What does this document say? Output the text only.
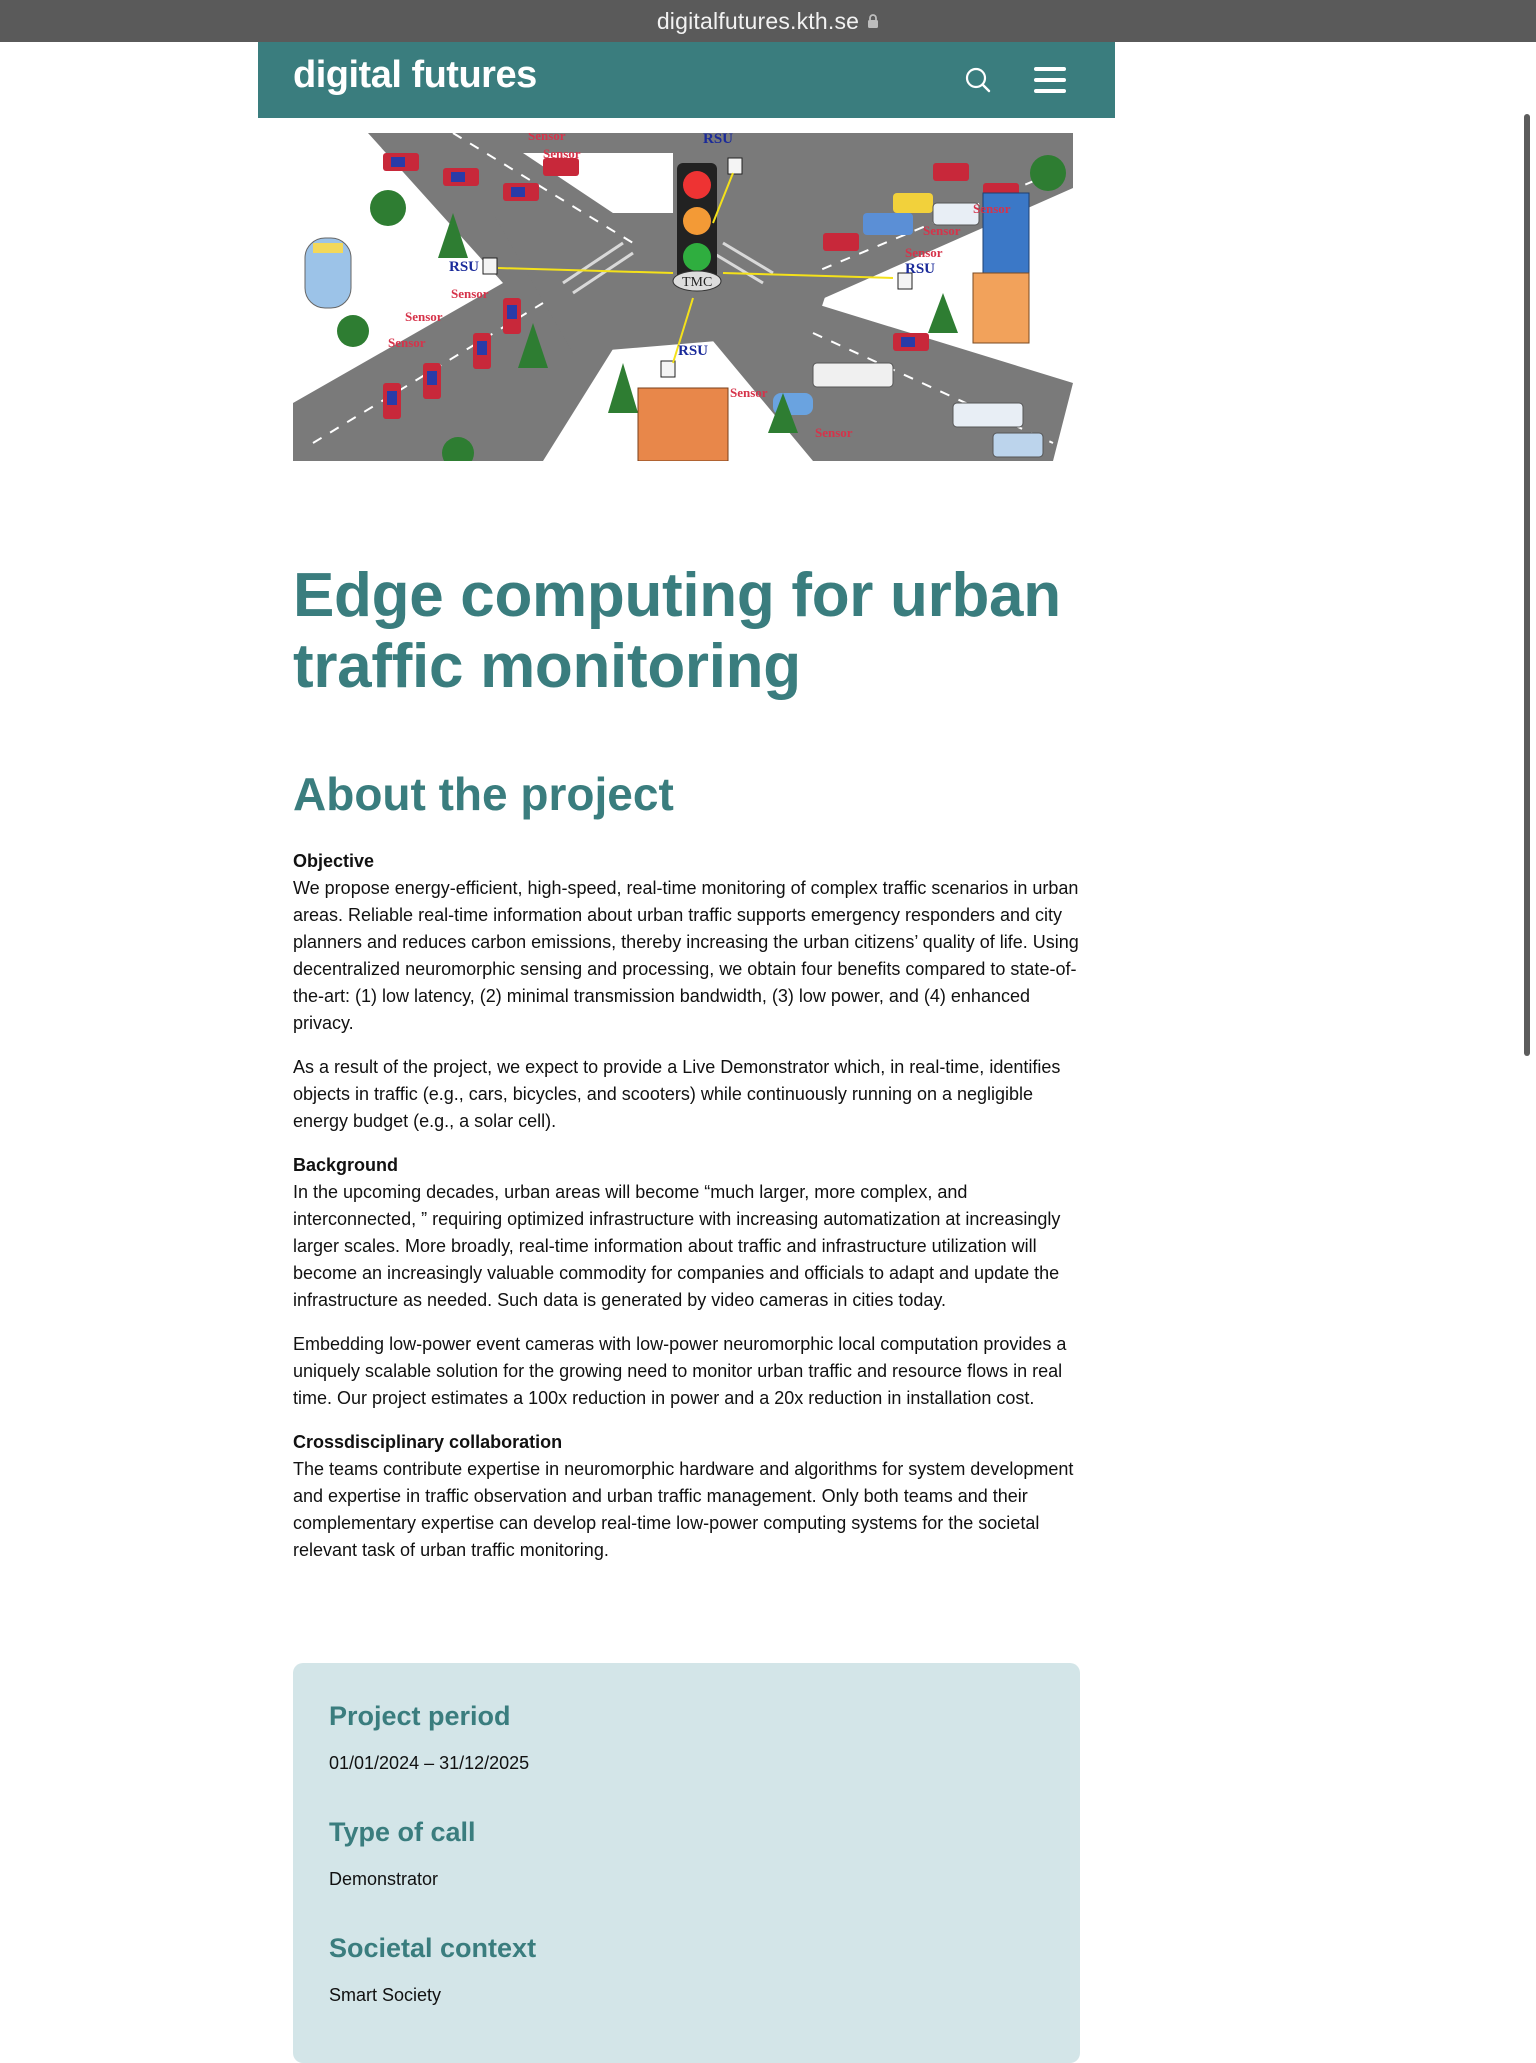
digitalfutures.kth.se
digital futures
TMC
Sensor
Sensor
Sensor
Sensor
Sensor
Sensor
Sensor
Sensor
Sensor
Sensor
RSU
RSU
RSU
RSU
Edge computing for urban traffic monitoring
About the project

Objective
We propose energy-efficient, high-speed, real-time monitoring of complex traffic scenarios in urban areas. Reliable real-time information about urban traffic supports emergency responders and city planners and reduces carbon emissions, thereby increasing the urban citizens’ quality of life. Using decentralized neuromorphic sensing and processing, we obtain four benefits compared to state-of-the-art: (1) low latency, (2) minimal transmission bandwidth, (3) low power, and (4) enhanced privacy.

As a result of the project, we expect to provide a Live Demonstrator which, in real-time, identifies objects in traffic (e.g., cars, bicycles, and scooters) while continuously running on a negligible energy budget (e.g., a solar cell).

Background
In the upcoming decades, urban areas will become “much larger, more complex, and interconnected, ” requiring optimized infrastructure with increasing automatization at increasingly larger scales. More broadly, real-time information about traffic and infrastructure utilization will become an increasingly valuable commodity for companies and officials to adapt and update the infrastructure as needed. Such data is generated by video cameras in cities today.

Embedding low-power event cameras with low-power neuromorphic local computation provides a uniquely scalable solution for the growing need to monitor urban traffic and resource flows in real time. Our project estimates a 100x reduction in power and a 20x reduction in installation cost.

Crossdisciplinary collaboration
The teams contribute expertise in neuromorphic hardware and algorithms for system development and expertise in traffic observation and urban traffic management. Only both teams and their complementary expertise can develop real-time low-power computing systems for the societal relevant task of urban traffic monitoring.

Project period
01/01/2024 – 31/12/2025
Type of call
Demonstrator
Societal context
Smart Society
